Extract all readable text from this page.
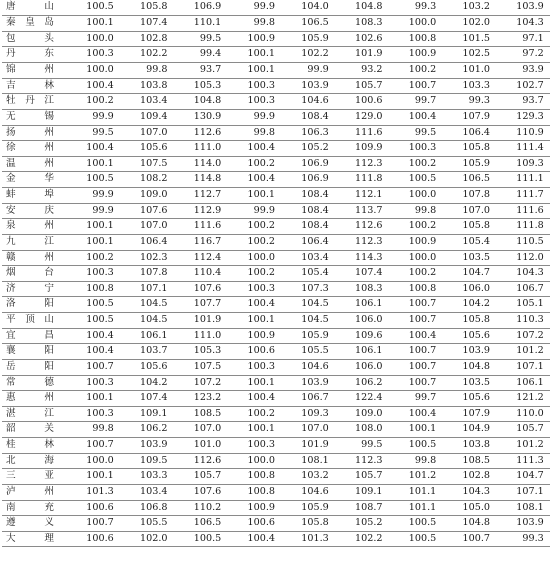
唐山	100.5	105.8	106.9	99.9	104.0	104.8	99.3	103.2	103.9
秦皇岛	100.1	107.4	110.1	99.8	106.5	108.3	100.0	102.0	104.3
包头	100.0	102.8	99.5	100.9	105.9	102.6	100.8	101.5	97.1
丹东	100.3	102.2	99.4	100.1	102.2	101.9	100.9	102.5	97.2
锦州	100.0	99.8	93.7	100.1	99.9	93.2	100.2	101.0	93.9
吉林	100.4	103.8	105.3	100.3	103.9	105.7	100.7	103.3	102.7
牡丹江	100.2	103.4	104.8	100.3	104.6	100.6	99.7	99.3	93.7
无锡	99.9	109.4	130.9	99.9	108.4	129.0	100.4	107.9	129.3
扬州	99.5	107.0	112.6	99.8	106.3	111.6	99.5	106.4	110.9
徐州	100.4	105.6	111.0	100.4	105.2	109.9	100.3	105.8	111.4
温州	100.1	107.5	114.0	100.2	106.9	112.3	100.2	105.9	109.3
金华	100.5	108.2	114.8	100.4	106.9	111.8	100.5	106.5	111.1
蚌埠	99.9	109.0	112.7	100.1	108.4	112.1	100.0	107.8	111.7
安庆	99.9	107.6	112.9	99.9	108.4	113.7	99.8	107.0	111.6
泉州	100.1	107.0	111.6	100.2	108.4	112.6	100.2	105.8	111.8
九江	100.1	106.4	116.7	100.2	106.4	112.3	100.9	105.4	110.5
赣州	100.2	102.3	112.4	100.0	103.4	114.3	100.0	103.5	112.0
烟台	100.3	107.8	110.4	100.2	105.4	107.4	100.2	104.7	104.3
济宁	100.8	107.1	107.6	100.3	107.3	108.3	100.8	106.0	106.7
洛阳	100.5	104.5	107.7	100.4	104.5	106.1	100.7	104.2	105.1
平顶山	100.5	104.5	101.9	100.1	104.5	106.0	100.7	105.8	110.3
宜昌	100.4	106.1	111.0	100.9	105.9	109.6	100.4	105.6	107.2
襄阳	100.4	103.7	105.3	100.6	105.5	106.1	100.7	103.9	101.2
岳阳	100.7	105.6	107.5	100.3	104.6	106.0	100.7	104.8	107.1
常德	100.3	104.2	107.2	100.1	103.9	106.2	100.7	103.5	106.1
惠州	100.1	107.4	123.2	100.4	106.7	122.4	99.7	105.6	121.2
湛江	100.3	109.1	108.5	100.2	109.3	109.0	100.4	107.9	110.0
韶关	99.8	106.2	107.0	100.1	107.0	108.0	100.1	104.9	105.7
桂林	100.7	103.9	101.0	100.3	101.9	99.5	100.5	103.8	101.2
北海	100.0	109.5	112.6	100.0	108.1	112.3	99.8	108.5	111.3
三亚	100.1	103.3	105.7	100.8	103.2	105.7	101.2	102.8	104.7
泸州	101.3	103.4	107.6	100.8	104.6	109.1	101.1	104.3	107.1
南充	100.6	106.8	110.2	100.9	105.9	108.7	101.1	105.0	108.1
遵义	100.7	105.5	106.5	100.6	105.8	105.2	100.5	104.8	103.9
大理	100.6	102.0	100.5	100.4	101.3	102.2	100.5	100.7	99.3
